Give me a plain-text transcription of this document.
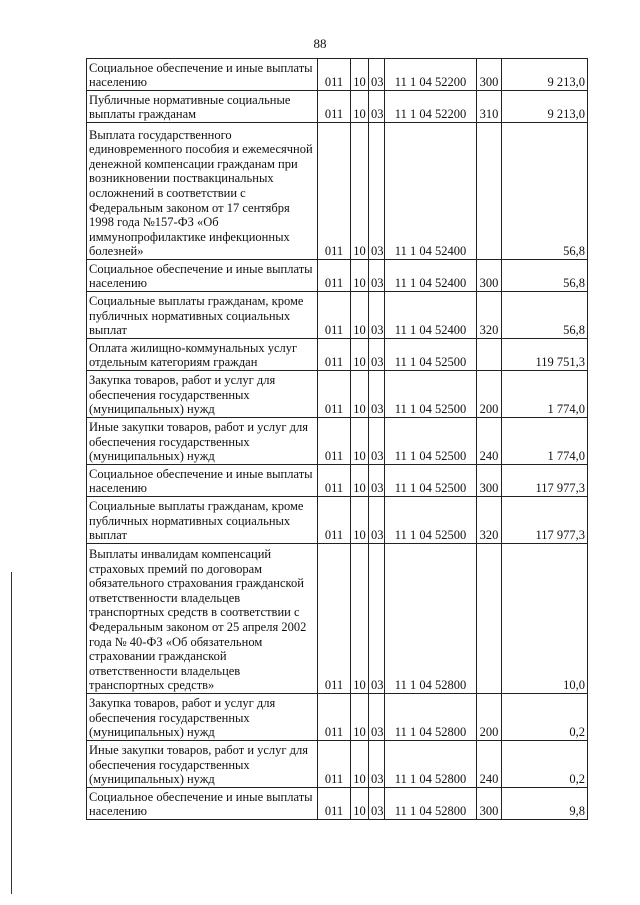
88
Социальное обеспечение и иные выплаты населению	011	10	03	11 1 04 52200	300	9 213,0
Публичные нормативные социальные выплаты гражданам	011	10	03	11 1 04 52200	310	9 213,0
Выплата государственного единовременного пособия и ежемесячной денежной компенсации гражданам при возникновении поствакцинальных осложнений в соответствии с Федеральным законом от 17 сентября 1998 года №157-ФЗ «Об иммунопрофилактике инфекционных болезней»	011	10	03	11 1 04 52400		56,8
Социальное обеспечение и иные выплаты населению	011	10	03	11 1 04 52400	300	56,8
Социальные выплаты гражданам, кроме публичных нормативных социальных выплат	011	10	03	11 1 04 52400	320	56,8
Оплата жилищно-коммунальных услуг отдельным категориям граждан	011	10	03	11 1 04 52500		119 751,3
Закупка товаров, работ и услуг для обеспечения государственных (муниципальных) нужд	011	10	03	11 1 04 52500	200	1 774,0
Иные закупки товаров, работ и услуг для обеспечения государственных (муниципальных) нужд	011	10	03	11 1 04 52500	240	1 774,0
Социальное обеспечение и иные выплаты населению	011	10	03	11 1 04 52500	300	117 977,3
Социальные выплаты гражданам, кроме публичных нормативных социальных выплат	011	10	03	11 1 04 52500	320	117 977,3
Выплаты инвалидам компенсаций страховых премий по договорам обязательного страхования гражданской ответственности владельцев транспортных средств в соответствии с Федеральным законом от 25 апреля 2002 года № 40-ФЗ «Об обязательном страховании гражданской ответственности владельцев транспортных средств»	011	10	03	11 1 04 52800		10,0
Закупка товаров, работ и услуг для обеспечения государственных (муниципальных) нужд	011	10	03	11 1 04 52800	200	0,2
Иные закупки товаров, работ и услуг для обеспечения государственных (муниципальных) нужд	011	10	03	11 1 04 52800	240	0,2
Социальное обеспечение и иные выплаты населению	011	10	03	11 1 04 52800	300	9,8
